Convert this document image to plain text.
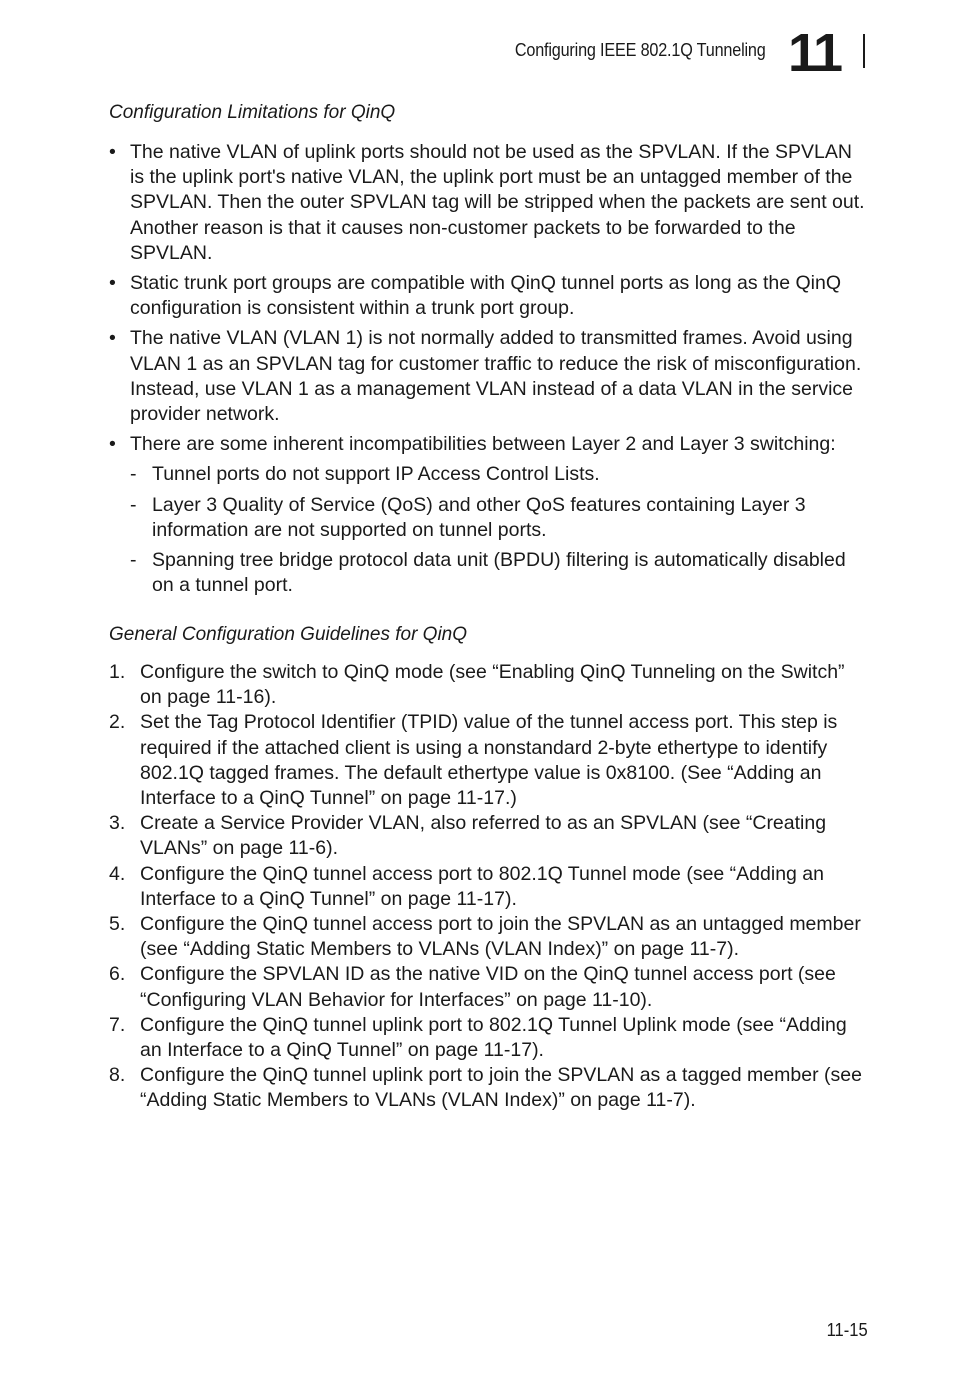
Configuring IEEE 802.1Q Tunneling 11
Configuration Limitations for QinQ
• The native VLAN of uplink ports should not be used as the SPVLAN. If the SPVLAN is the uplink port's native VLAN, the uplink port must be an untagged member of the SPVLAN. Then the outer SPVLAN tag will be stripped when the packets are sent out. Another reason is that it causes non-customer packets to be forwarded to the SPVLAN.
• Static trunk port groups are compatible with QinQ tunnel ports as long as the QinQ configuration is consistent within a trunk port group.
• The native VLAN (VLAN 1) is not normally added to transmitted frames. Avoid using VLAN 1 as an SPVLAN tag for customer traffic to reduce the risk of misconfiguration. Instead, use VLAN 1 as a management VLAN instead of a data VLAN in the service provider network.
• There are some inherent incompatibilities between Layer 2 and Layer 3 switching:
- Tunnel ports do not support IP Access Control Lists.
- Layer 3 Quality of Service (QoS) and other QoS features containing Layer 3 information are not supported on tunnel ports.
- Spanning tree bridge protocol data unit (BPDU) filtering is automatically disabled on a tunnel port.
General Configuration Guidelines for QinQ
1. Configure the switch to QinQ mode (see “Enabling QinQ Tunneling on the Switch” on page 11-16).
2. Set the Tag Protocol Identifier (TPID) value of the tunnel access port. This step is required if the attached client is using a nonstandard 2-byte ethertype to identify 802.1Q tagged frames. The default ethertype value is 0x8100. (See “Adding an Interface to a QinQ Tunnel” on page 11-17.)
3. Create a Service Provider VLAN, also referred to as an SPVLAN (see “Creating VLANs” on page 11-6).
4. Configure the QinQ tunnel access port to 802.1Q Tunnel mode (see “Adding an Interface to a QinQ Tunnel” on page 11-17).
5. Configure the QinQ tunnel access port to join the SPVLAN as an untagged member (see “Adding Static Members to VLANs (VLAN Index)” on page 11-7).
6. Configure the SPVLAN ID as the native VID on the QinQ tunnel access port (see “Configuring VLAN Behavior for Interfaces” on page 11-10).
7. Configure the QinQ tunnel uplink port to 802.1Q Tunnel Uplink mode (see “Adding an Interface to a QinQ Tunnel” on page 11-17).
8. Configure the QinQ tunnel uplink port to join the SPVLAN as a tagged member (see “Adding Static Members to VLANs (VLAN Index)” on page 11-7).
11-15
